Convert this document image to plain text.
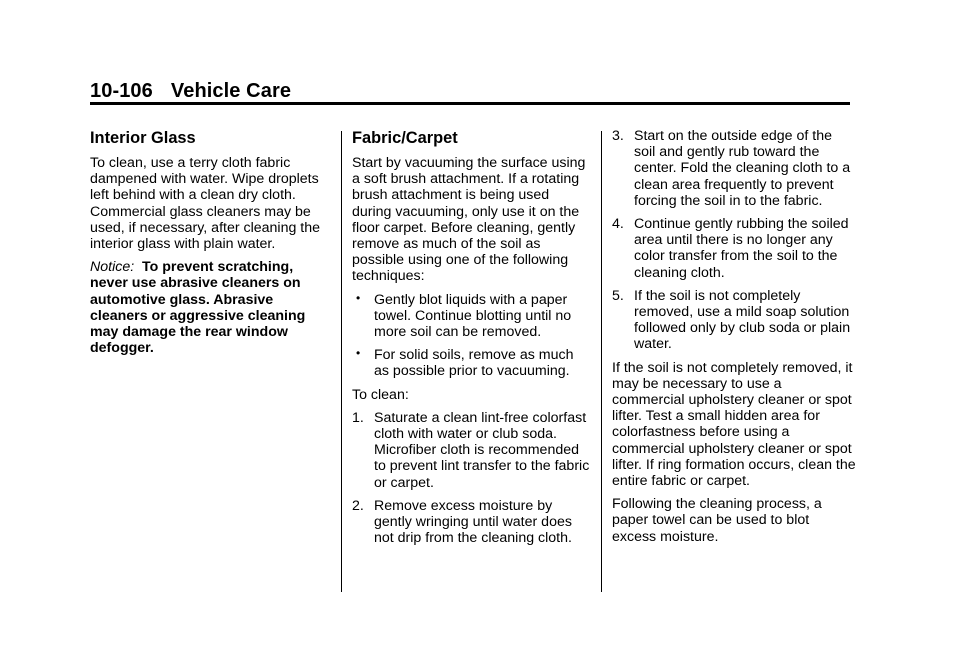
10-106 Vehicle Care
Interior Glass

To clean, use a terry cloth fabric dampened with water. Wipe droplets left behind with a clean dry cloth. Commercial glass cleaners may be used, if necessary, after cleaning the interior glass with plain water.

Notice: To prevent scratching, never use abrasive cleaners on automotive glass. Abrasive cleaners or aggressive cleaning may damage the rear window defogger.

Fabric/Carpet

Start by vacuuming the surface using a soft brush attachment. If a rotating brush attachment is being used during vacuuming, only use it on the floor carpet. Before cleaning, gently remove as much of the soil as possible using one of the following techniques:

• Gently blot liquids with a paper towel. Continue blotting until no more soil can be removed.
• For solid soils, remove as much as possible prior to vacuuming.

To clean:

1. Saturate a clean lint-free colorfast cloth with water or club soda. Microfiber cloth is recommended to prevent lint transfer to the fabric or carpet.
2. Remove excess moisture by gently wringing until water does not drip from the cleaning cloth.
3. Start on the outside edge of the soil and gently rub toward the center. Fold the cleaning cloth to a clean area frequently to prevent forcing the soil in to the fabric.
4. Continue gently rubbing the soiled area until there is no longer any color transfer from the soil to the cleaning cloth.
5. If the soil is not completely removed, use a mild soap solution followed only by club soda or plain water.

If the soil is not completely removed, it may be necessary to use a commercial upholstery cleaner or spot lifter. Test a small hidden area for colorfastness before using a commercial upholstery cleaner or spot lifter. If ring formation occurs, clean the entire fabric or carpet.

Following the cleaning process, a paper towel can be used to blot excess moisture.
